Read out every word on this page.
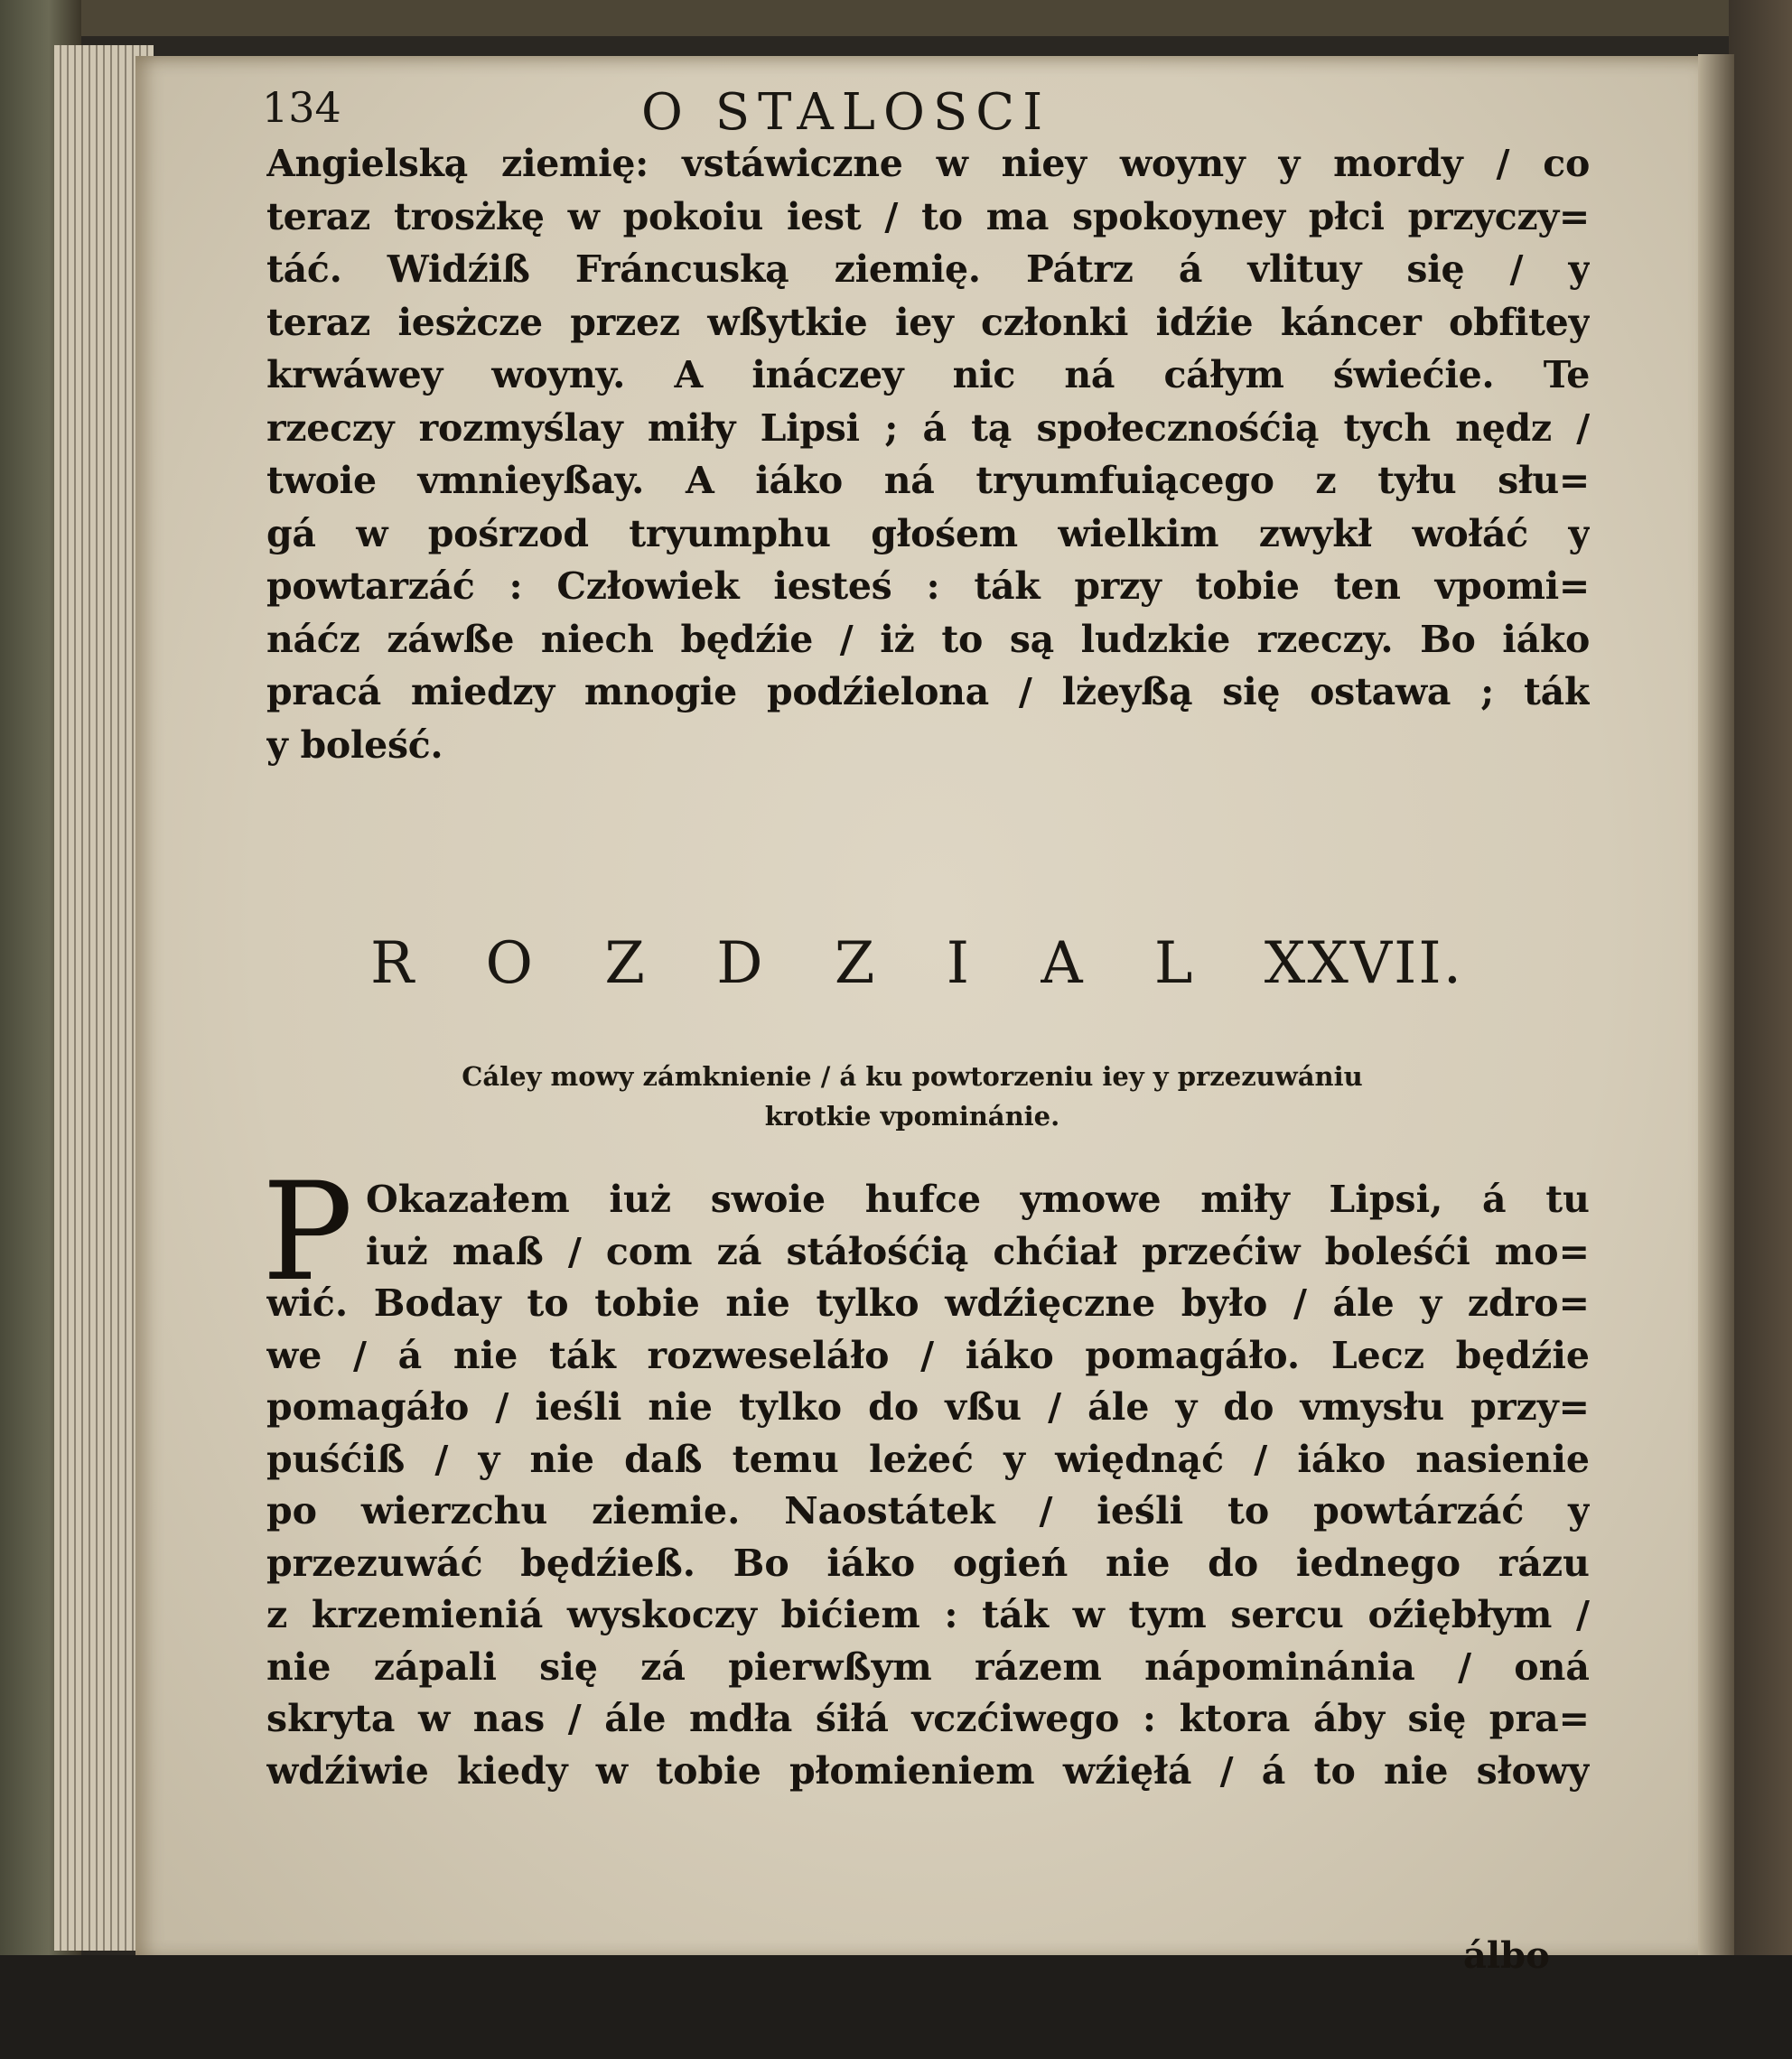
134	O STALOSCI
Angielską ziemię: vstáwiczne w niey woyny y mordy / co
teraz trosżkę w pokoiu iest / to ma spokoyney płci przyczy=
táć. Widźiß Fráncuską ziemię. Pátrz á vlituy się / y
teraz iesżcze przez wßytkie iey członki idźie káncer obfitey
krwáwey woyny. A ináczey nic ná cáłym świećie. Te
rzeczy rozmyślay miły Lipsi ; á tą społecznośćią tych nędz /
twoie vmnieyßay. A iáko ná tryumfuiącego z tyłu słu=
gá w pośrzod tryumphu głośem wielkim zwykł wołáć y
powtarzáć : Człowiek iesteś : ták przy tobie ten vpomi=
náćz záwße niech będźie / iż to są ludzkie rzeczy. Bo iáko
pracá miedzy mnogie podźielona / lżeyßą się ostawa ; ták
y boleść.
R O Z D Z I A L XXVII.
Cáley mowy zámknienie / á ku powtorzeniu iey y przezuwániu
krotkie vpominánie.
P Okazałem iuż swoie hufce ymowe miły Lipsi, á tu
iuż maß / com zá stáłośćią chćiał przećiw boleśći mo=
wić. Boday to tobie nie tylko wdźięczne było / ále y zdro=
we / á nie ták rozweseláło / iáko pomagáło. Lecz będźie
pomagáło / ieśli nie tylko do vßu / ále y do vmysłu przy=
puśćiß / y nie daß temu leżeć y więdnąć / iáko nasienie
po wierzchu ziemie. Naostátek / ieśli to powtárzáć y
przezuwáć będźieß. Bo iáko ogień nie do iednego rázu
z krzemieniá wyskoczy bićiem : ták w tym sercu oźiębłym /
nie zápali się zá pierwßym rázem nápominánia / oná
skryta w nas / ále mdła śiłá vczćiwego : ktora áby się pra=
wdźiwie kiedy w tobie płomieniem wźięłá / á to nie słowy
álbo
